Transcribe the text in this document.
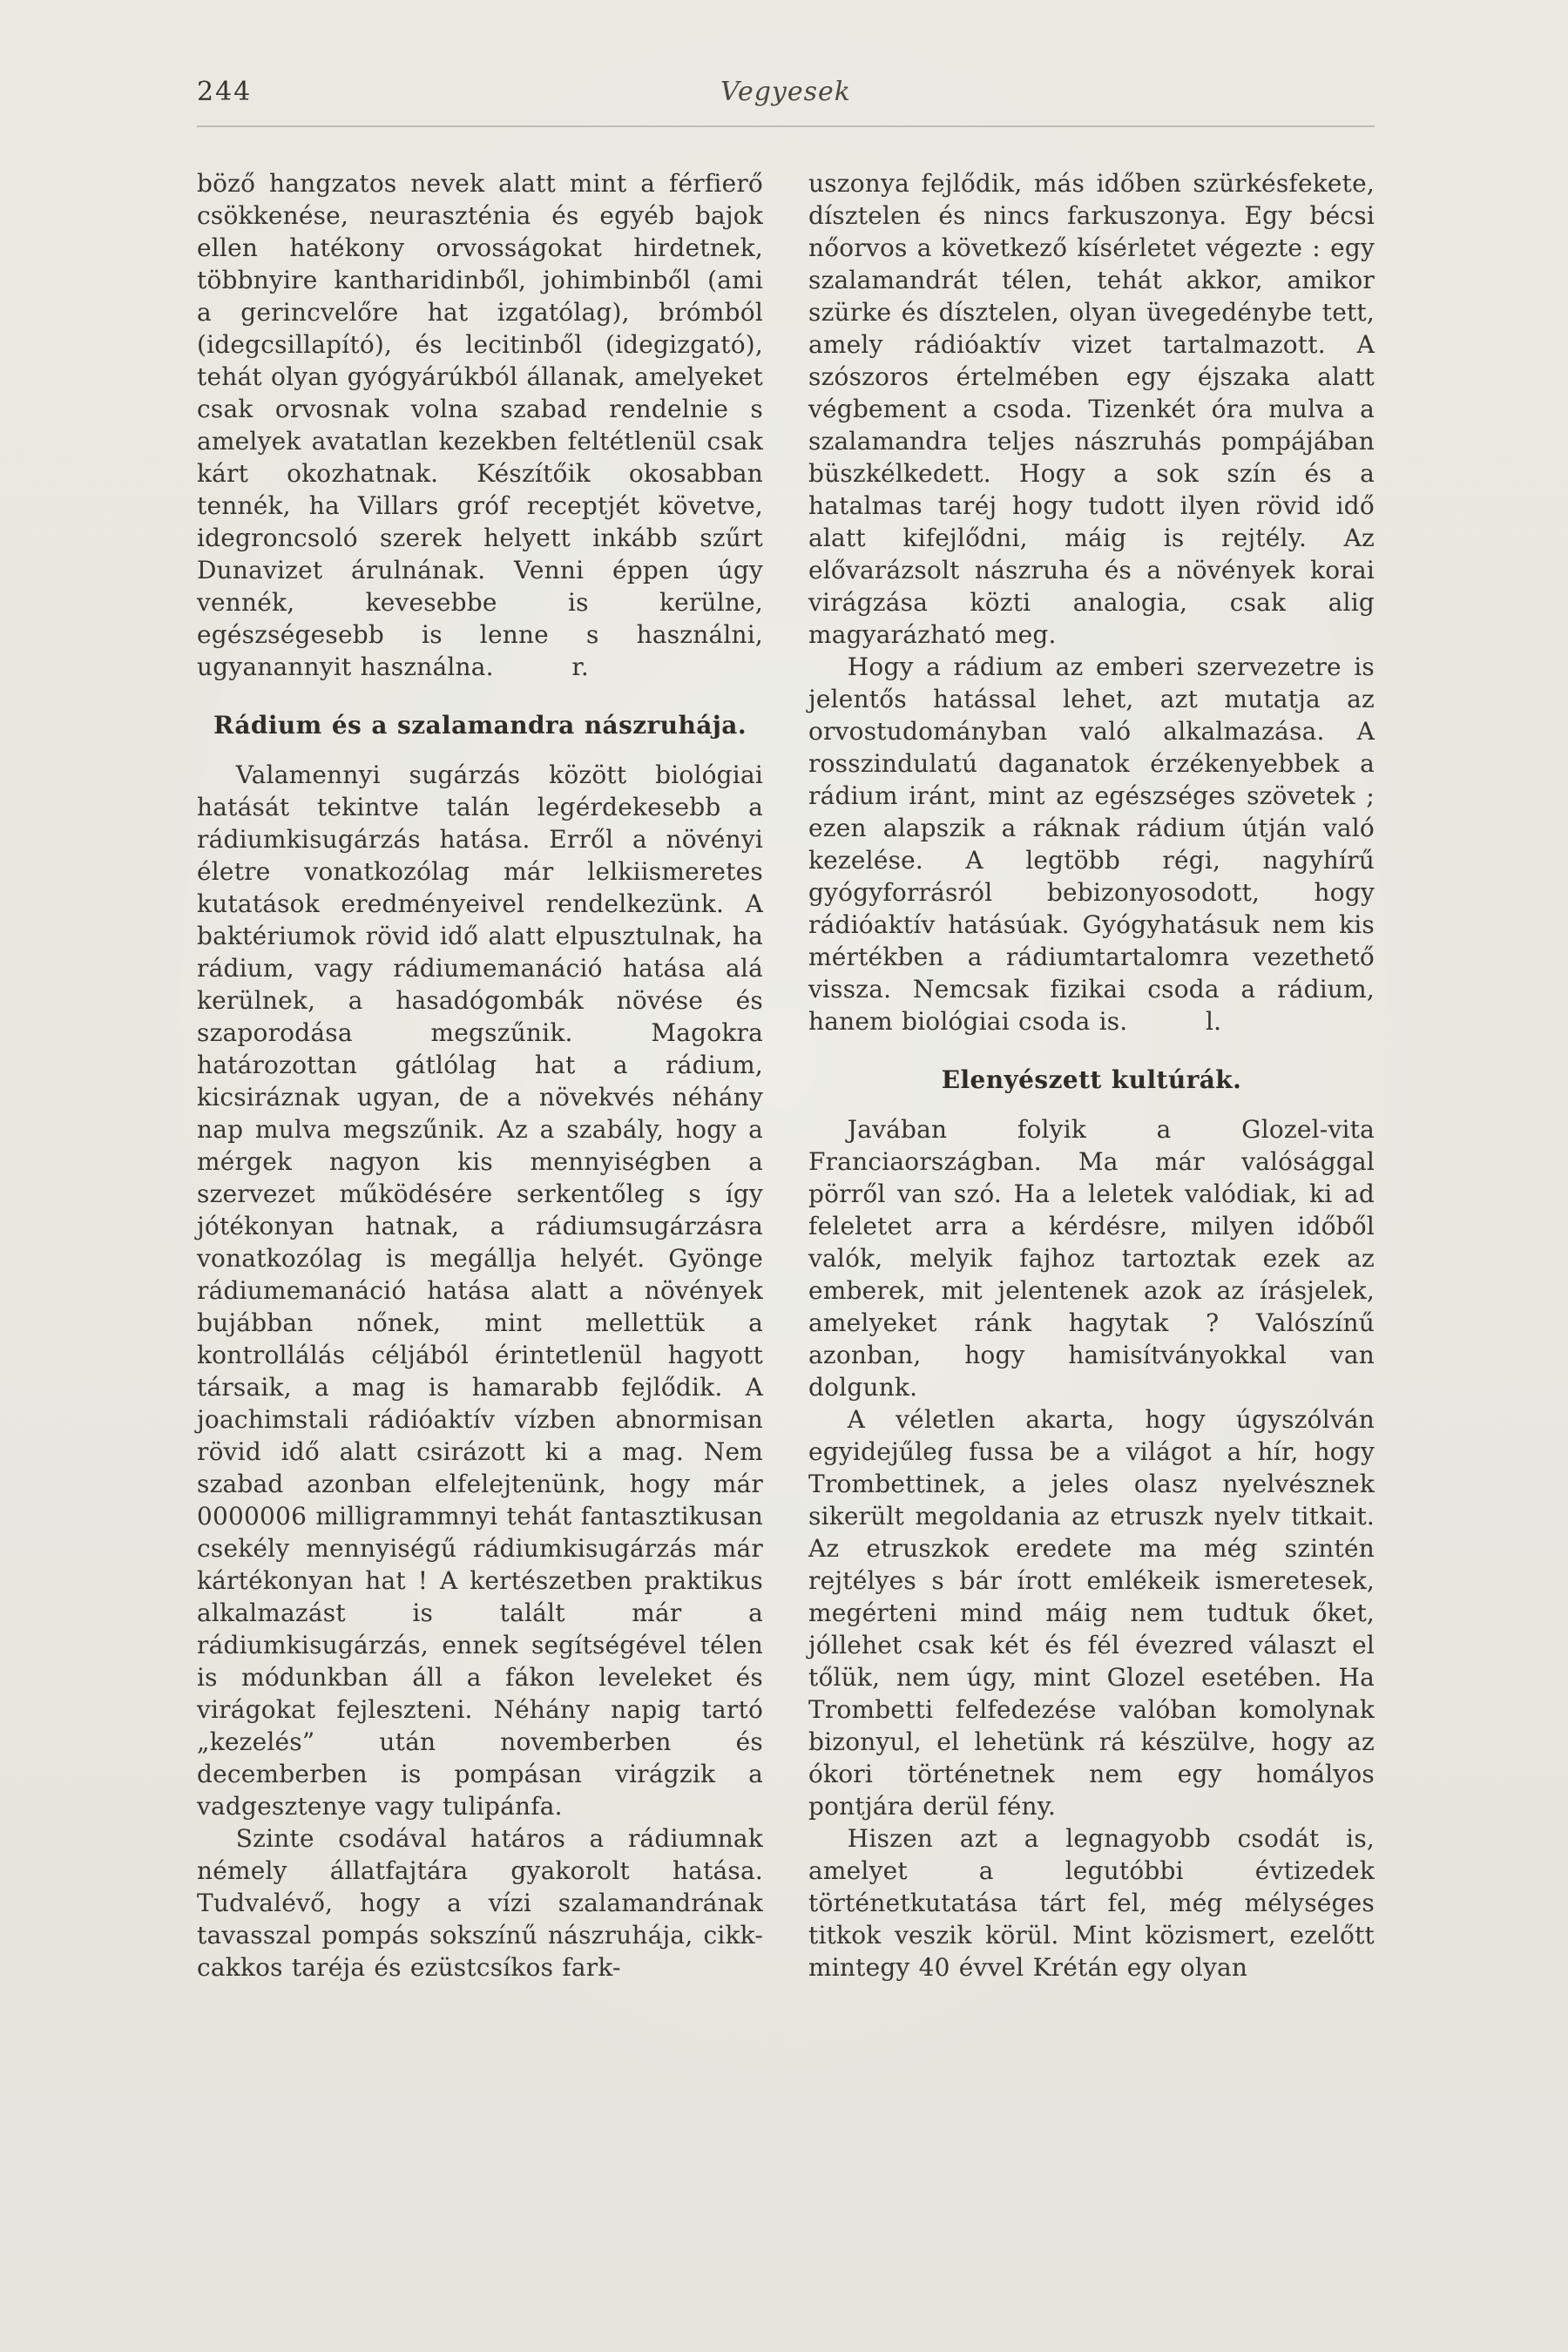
244	Vegyesek

böző hangzatos nevek alatt mint a férfierő csökkenése, neuraszténia és egyéb bajok ellen hatékony orvosságokat hirdetnek, többnyire kantharidinből, johimbinből (ami a gerincvelőre hat izgatólag), brómból (idegcsillapító), és lecitinből (idegizgató), tehát olyan gyógyárúkból állanak, amelyeket csak orvosnak volna szabad rendelnie s amelyek avatatlan kezekben feltétlenül csak kárt okozhatnak. Készítőik okosabban tennék, ha Villars gróf receptjét követve, idegroncsoló szerek helyett inkább szűrt Dunavizet árulnának. Venni éppen úgy vennék, kevesebbe is kerülne, egészségesebb is lenne s használni, ugyanannyit használna.	r.

Rádium és a szalamandra nászruhája.

Valamennyi sugárzás között biológiai hatását tekintve talán legérdekesebb a rádiumkisugárzás hatása. Erről a növényi életre vonatkozólag már lelkiismeretes kutatások eredményeivel rendelkezünk. A baktériumok rövid idő alatt elpusztulnak, ha rádium, vagy rádiumemanáció hatása alá kerülnek, a hasadógombák növése és szaporodása megszűnik. Magokra határozottan gátlólag hat a rádium, kicsiráznak ugyan, de a növekvés néhány nap mulva megszűnik. Az a szabály, hogy a mérgek nagyon kis mennyiségben a szervezet működésére serkentőleg s így jótékonyan hatnak, a rádiumsugárzásra vonatkozólag is megállja helyét. Gyönge rádiumemanáció hatása alatt a növények bujábban nőnek, mint mellettük a kontrollálás céljából érintetlenül hagyott társaik, a mag is hamarabb fejlődik. A joachimstali rádióaktív vízben abnormisan rövid idő alatt csirázott ki a mag. Nem szabad azonban elfelejtenünk, hogy már 0000006 milligrammnyi tehát fantasztikusan csekély mennyiségű rádiumkisugárzás már kártékonyan hat ! A kertészetben praktikus alkalmazást is talált már a rádiumkisugárzás, ennek segítségével télen is módunkban áll a fákon leveleket és virágokat fejleszteni. Néhány napig tartó „kezelés” után novemberben és decemberben is pompásan virágzik a vadgesztenye vagy tulipánfa.

Szinte csodával határos a rádiumnak némely állatfajtára gyakorolt hatása. Tudvalévő, hogy a vízi szalamandrának tavasszal pompás sokszínű nászruhája, cikk-cakkos taréja és ezüstcsíkos fark-

uszonya fejlődik, más időben szürkésfekete, dísztelen és nincs farkuszonya. Egy bécsi nőorvos a következő kísérletet végezte : egy szalamandrát télen, tehát akkor, amikor szürke és dísztelen, olyan üvegedénybe tett, amely rádióaktív vizet tartalmazott. A szószoros értelmében egy éjszaka alatt végbement a csoda. Tizenkét óra mulva a szalamandra teljes nászruhás pompájában büszkélkedett. Hogy a sok szín és a hatalmas taréj hogy tudott ilyen rövid idő alatt kifejlődni, máig is rejtély. Az elővarázsolt nászruha és a növények korai virágzása közti analogia, csak alig magyarázható meg.

Hogy a rádium az emberi szervezetre is jelentős hatással lehet, azt mutatja az orvostudományban való alkalmazása. A rosszindulatú daganatok érzékenyebbek a rádium iránt, mint az egészséges szövetek ; ezen alapszik a ráknak rádium útján való kezelése. A legtöbb régi, nagyhírű gyógyforrásról bebizonyosodott, hogy rádióaktív hatásúak. Gyógyhatásuk nem kis mértékben a rádiumtartalomra vezethető vissza. Nemcsak fizikai csoda a rádium, hanem biológiai csoda is.	l.

Elenyészett kultúrák.

Javában folyik a Glozel-vita Franciaországban. Ma már valósággal pörről van szó. Ha a leletek valódiak, ki ad feleletet arra a kérdésre, milyen időből valók, melyik fajhoz tartoztak ezek az emberek, mit jelentenek azok az írásjelek, amelyeket ránk hagytak ? Valószínű azonban, hogy hamisítványokkal van dolgunk.

A véletlen akarta, hogy úgyszólván egyidejűleg fussa be a világot a hír, hogy Trombettinek, a jeles olasz nyelvésznek sikerült megoldania az etruszk nyelv titkait. Az etruszkok eredete ma még szintén rejtélyes s bár írott emlékeik ismeretesek, megérteni mind máig nem tudtuk őket, jóllehet csak két és fél évezred választ el tőlük, nem úgy, mint Glozel esetében. Ha Trombetti felfedezése valóban komolynak bizonyul, el lehetünk rá készülve, hogy az ókori történetnek nem egy homályos pontjára derül fény.

Hiszen azt a legnagyobb csodát is, amelyet a legutóbbi évtizedek történetkutatása tárt fel, még mélységes titkok veszik körül. Mint közismert, ezelőtt mintegy 40 évvel Krétán egy olyan
